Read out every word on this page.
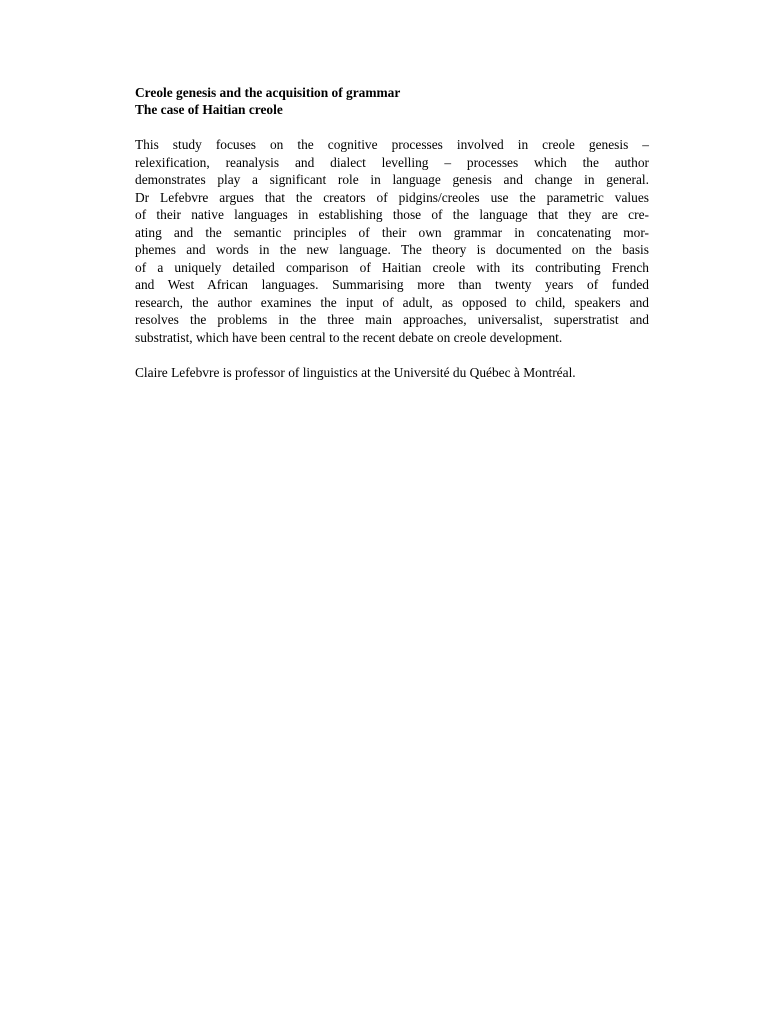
Creole genesis and the acquisition of grammar
The case of Haitian creole
This study focuses on the cognitive processes involved in creole genesis –
relexification, reanalysis and dialect levelling – processes which the author
demonstrates play a significant role in language genesis and change in general.
Dr Lefebvre argues that the creators of pidgins/creoles use the parametric values
of their native languages in establishing those of the language that they are cre-
ating and the semantic principles of their own grammar in concatenating mor-
phemes and words in the new language. The theory is documented on the basis
of a uniquely detailed comparison of Haitian creole with its contributing French
and West African languages. Summarising more than twenty years of funded
research, the author examines the input of adult, as opposed to child, speakers and
resolves the problems in the three main approaches, universalist, superstratist and
substratist, which have been central to the recent debate on creole development.

Claire Lefebvre is professor of linguistics at the Université du Québec à Montréal.
